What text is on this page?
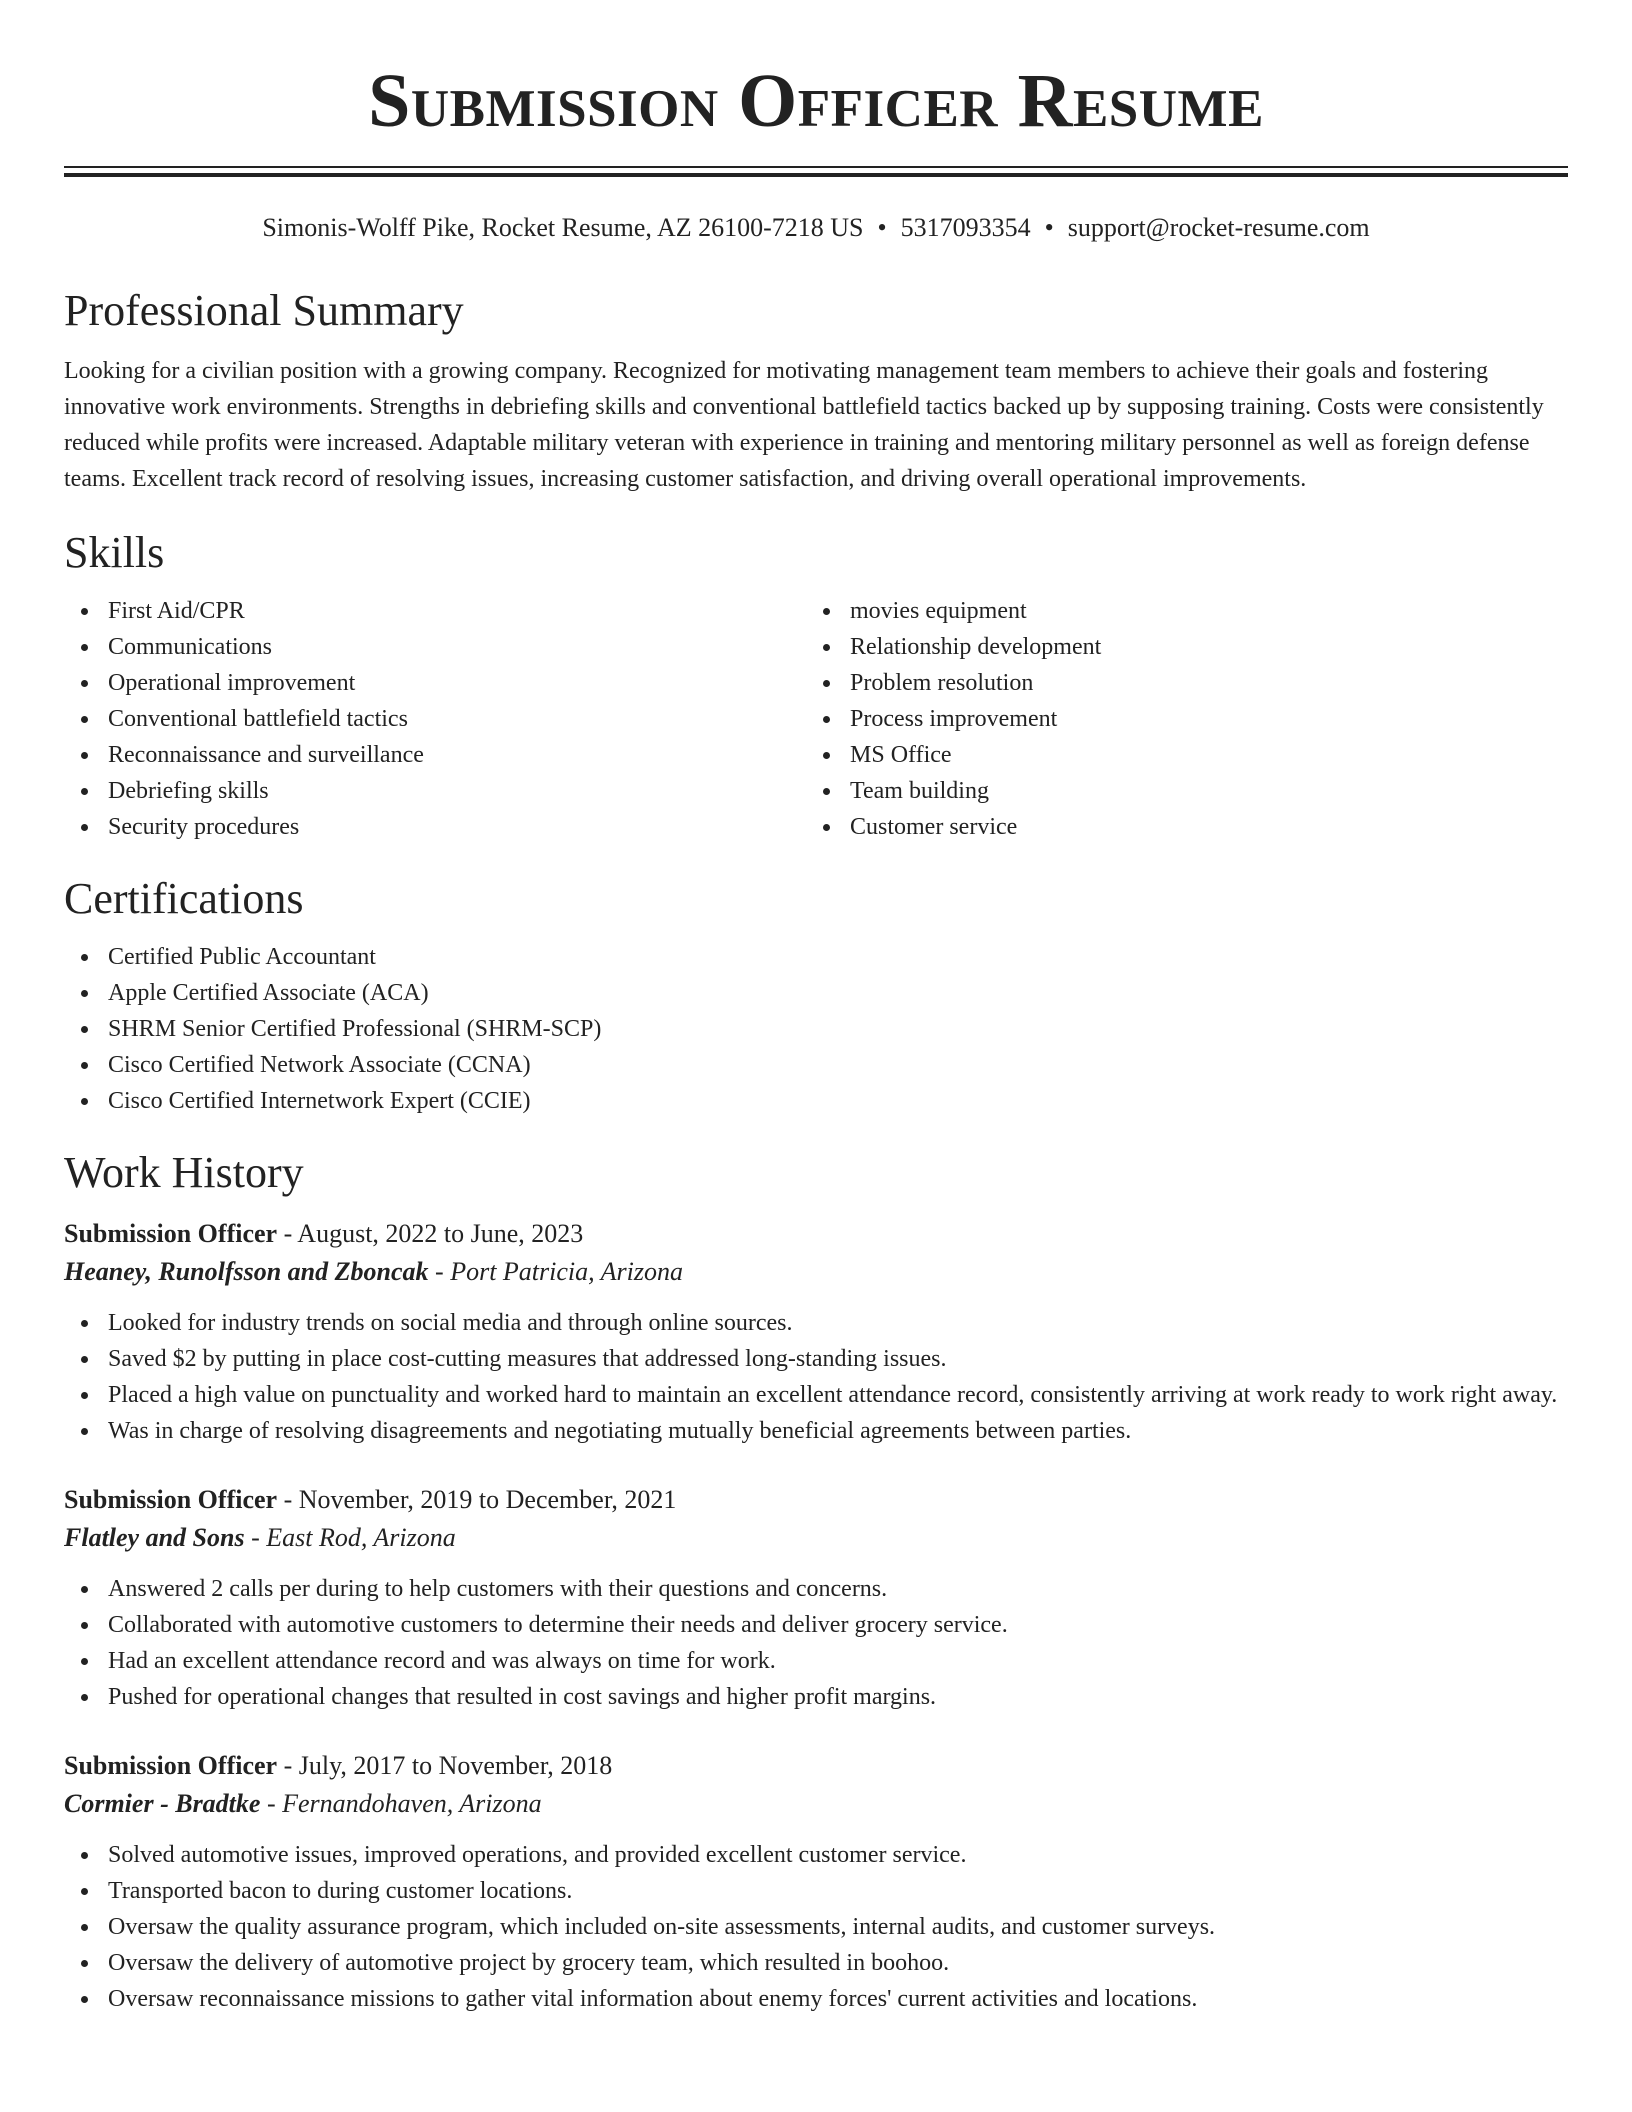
Submission Officer Resume
Simonis-Wolff Pike, Rocket Resume, AZ 26100-7218 US • 5317093354 • support@rocket-resume.com
Professional Summary

Looking for a civilian position with a growing company. Recognized for motivating management team members to achieve their goals and fostering innovative work environments. Strengths in debriefing skills and conventional battlefield tactics backed up by supposing training. Costs were consistently reduced while profits were increased. Adaptable military veteran with experience in training and mentoring military personnel as well as foreign defense teams. Excellent track record of resolving issues, increasing customer satisfaction, and driving overall operational improvements.

Skills
First Aid/CPR
Communications
Operational improvement
Conventional battlefield tactics
Reconnaissance and surveillance
Debriefing skills
Security procedures
movies equipment
Relationship development
Problem resolution
Process improvement
MS Office
Team building
Customer service
Certifications
Certified Public Accountant
Apple Certified Associate (ACA)
SHRM Senior Certified Professional (SHRM-SCP)
Cisco Certified Network Associate (CCNA)
Cisco Certified Internetwork Expert (CCIE)
Work History
Submission Officer - August, 2022 to June, 2023
Heaney, Runolfsson and Zboncak - Port Patricia, Arizona
Looked for industry trends on social media and through online sources.
Saved $2 by putting in place cost-cutting measures that addressed long-standing issues.
Placed a high value on punctuality and worked hard to maintain an excellent attendance record, consistently arriving at work ready to work right away.
Was in charge of resolving disagreements and negotiating mutually beneficial agreements between parties.
Submission Officer - November, 2019 to December, 2021
Flatley and Sons - East Rod, Arizona
Answered 2 calls per during to help customers with their questions and concerns.
Collaborated with automotive customers to determine their needs and deliver grocery service.
Had an excellent attendance record and was always on time for work.
Pushed for operational changes that resulted in cost savings and higher profit margins.
Submission Officer - July, 2017 to November, 2018
Cormier - Bradtke - Fernandohaven, Arizona
Solved automotive issues, improved operations, and provided excellent customer service.
Transported bacon to during customer locations.
Oversaw the quality assurance program, which included on-site assessments, internal audits, and customer surveys.
Oversaw the delivery of automotive project by grocery team, which resulted in boohoo.
Oversaw reconnaissance missions to gather vital information about enemy forces' current activities and locations.
